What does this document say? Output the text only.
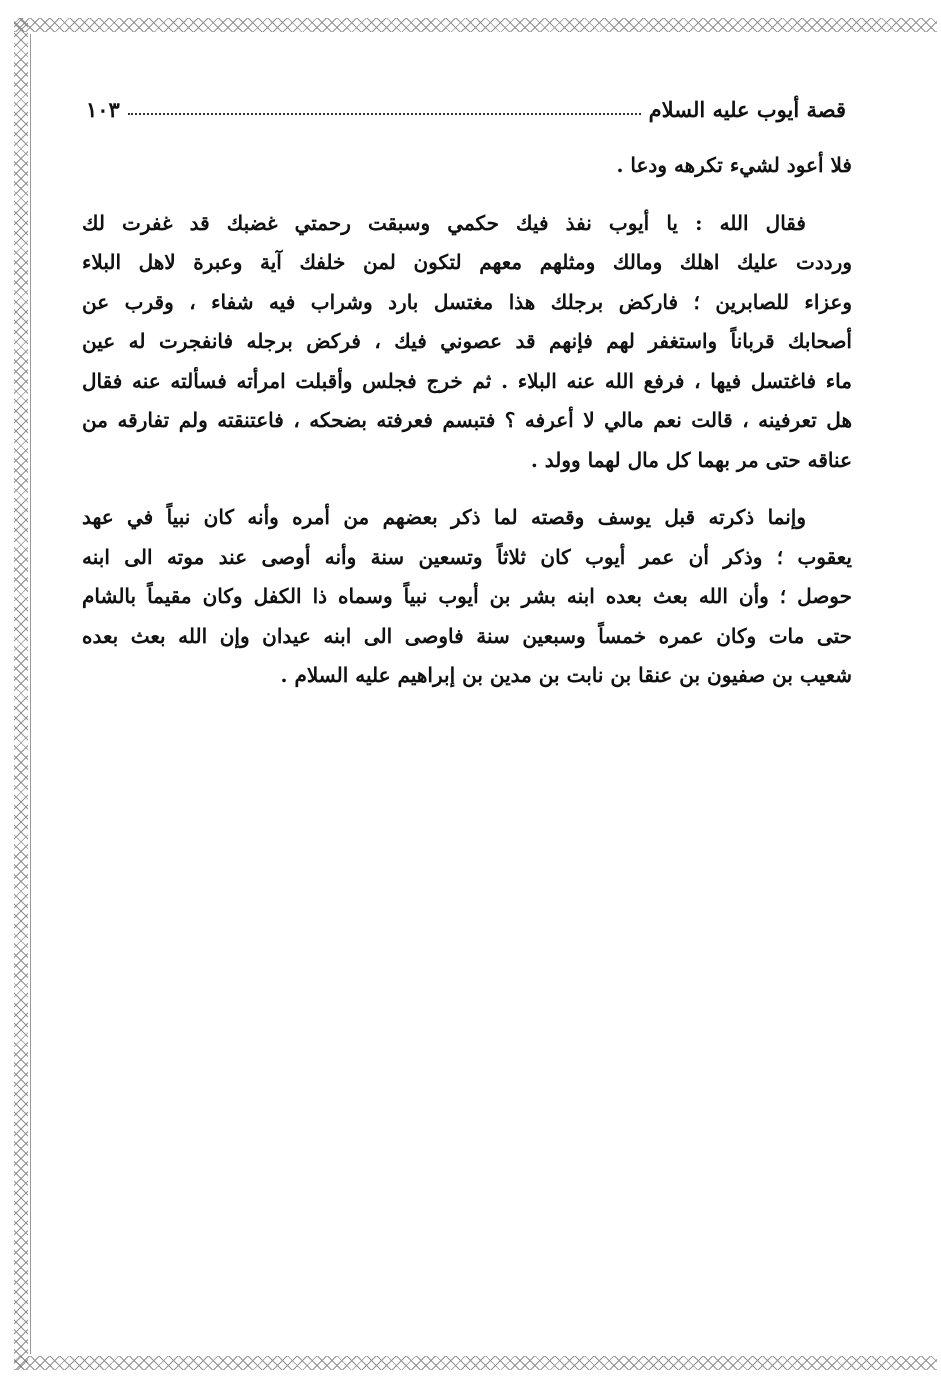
قصة أيوب عليه السلام
١٠٣

فلا أعود لشيء تكرهه ودعا .

فقال الله : يا أيوب نفذ فيك حكمي وسبقت رحمتي غضبك قد غفرت لك
ورددت عليك اهلك ومالك ومثلهم معهم لتكون لمن خلفك آية وعبرة لاهل البلاء
وعزاء للصابرين ؛ فاركض برجلك هذا مغتسل بارد وشراب فيه شفاء ، وقرب عن
أصحابك قرباناً واستغفر لهم فإنهم قد عصوني فيك ، فركض برجله فانفجرت له عين
ماء فاغتسل فيها ، فرفع الله عنه البلاء . ثم خرج فجلس وأقبلت امرأته فسألته عنه فقال
هل تعرفينه ، قالت نعم مالي لا أعرفه ؟ فتبسم فعرفته بضحكه ، فاعتنقته ولم تفارقه من
عناقه حتى مر بهما كل مال لهما وولد .

وإنما ذكرته قبل يوسف وقصته لما ذكر بعضهم من أمره وأنه كان نبياً في عهد
يعقوب ؛ وذكر أن عمر أيوب كان ثلاثاً وتسعين سنة وأنه أوصى عند موته الى ابنه
حوصل ؛ وأن الله بعث بعده ابنه بشر بن أيوب نبياً وسماه ذا الكفل وكان مقيماً بالشام
حتى مات وكان عمره خمساً وسبعين سنة فاوصى الى ابنه عيدان وإن الله بعث بعده
شعيب بن صفيون بن عنقا بن نابت بن مدين بن إبراهيم عليه السلام .
